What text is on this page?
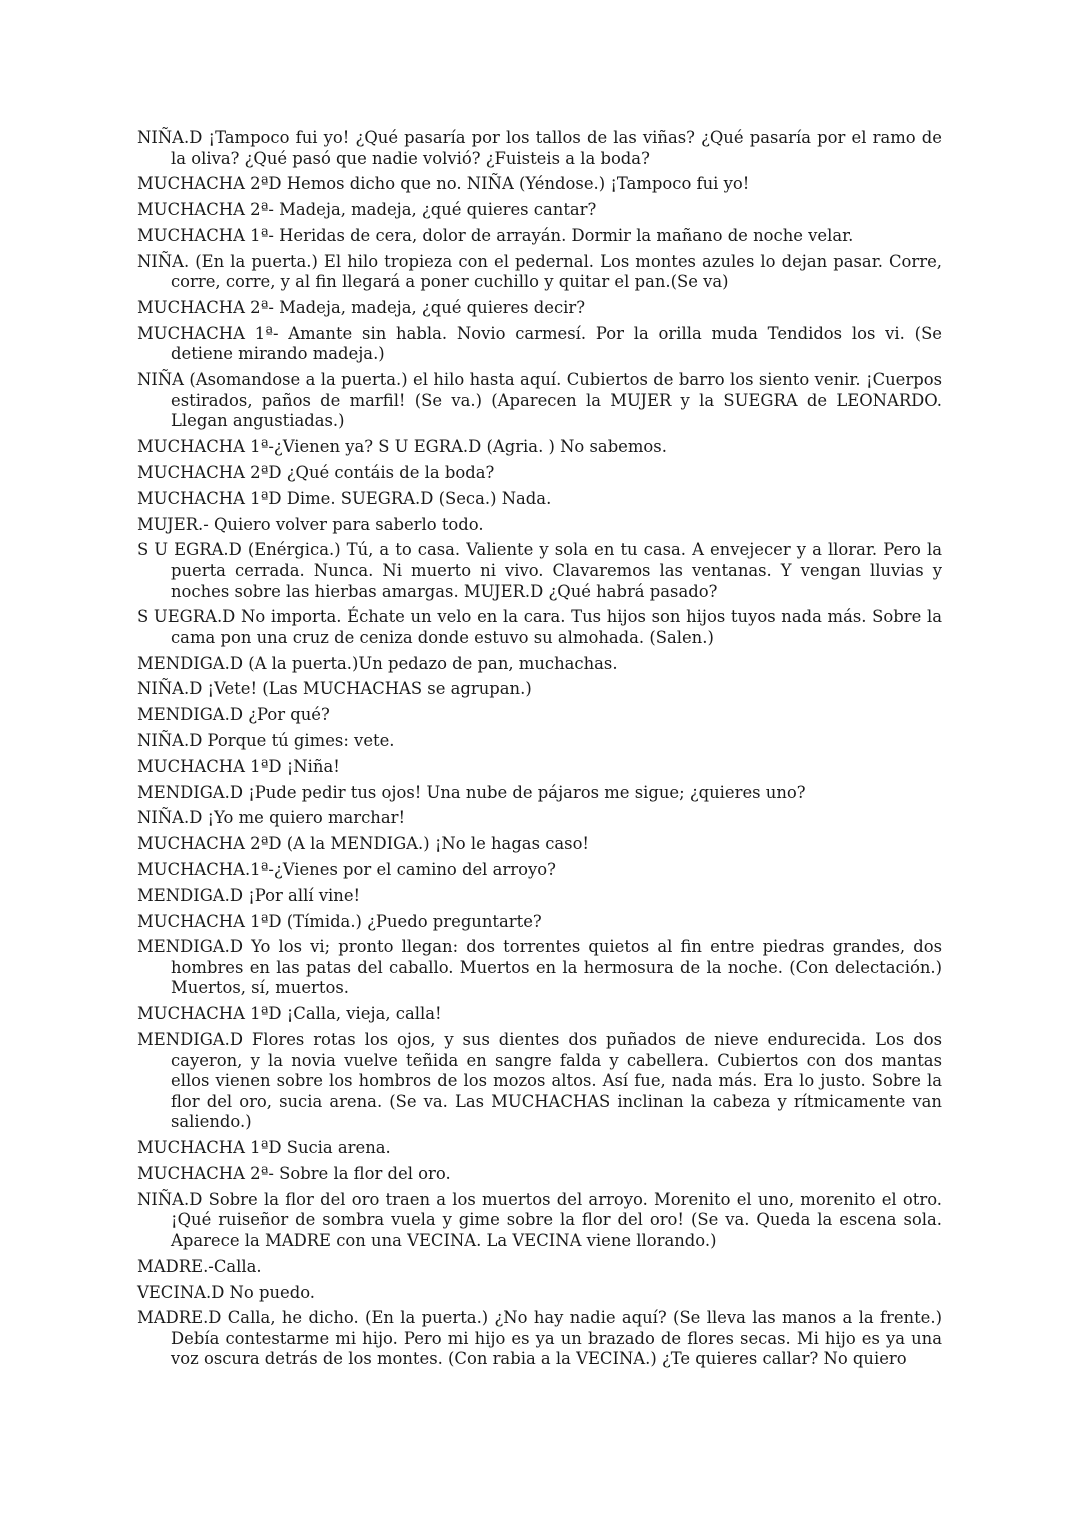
NIÑA.D ¡Tampoco fui yo! ¿Qué pasaría por los tallos de las viñas? ¿Qué pasaría por el ramo de la oliva? ¿Qué pasó que nadie volvió? ¿Fuisteis a la boda?

MUCHACHA 2ªD Hemos dicho que no. NIÑA (Yéndose.) ¡Tampoco fui yo!

MUCHACHA 2ª- Madeja, madeja, ¿qué quieres cantar?

MUCHACHA 1ª- Heridas de cera, dolor de arrayán. Dormir la mañano de noche velar.

NIÑA. (En la puerta.) El hilo tropieza con el pedernal. Los montes azules lo dejan pasar. Corre, corre, corre, y al fin llegará a poner cuchillo y quitar el pan.(Se va)

MUCHACHA 2ª- Madeja, madeja, ¿qué quieres decir?

MUCHACHA 1ª- Amante sin habla. Novio carmesí. Por la orilla muda Tendidos los vi. (Se detiene mirando madeja.)

NIÑA (Asomandose a la puerta.) el hilo hasta aquí. Cubiertos de barro los siento venir. ¡Cuerpos estirados, paños de marfil! (Se va.) (Aparecen la MUJER y la SUEGRA de LEONARDO. Llegan angustiadas.)

MUCHACHA 1ª-¿Vienen ya? S U EGRA.D (Agria. ) No sabemos.

MUCHACHA 2ªD ¿Qué contáis de la boda?

MUCHACHA 1ªD Dime. SUEGRA.D (Seca.) Nada.

MUJER.- Quiero volver para saberlo todo.

S U EGRA.D (Enérgica.) Tú, a to casa. Valiente y sola en tu casa. A envejecer y a llorar. Pero la puerta cerrada. Nunca. Ni muerto ni vivo. Clavaremos las ventanas. Y vengan lluvias y noches sobre las hierbas amargas. MUJER.D ¿Qué habrá pasado?

S UEGRA.D No importa. Échate un velo en la cara. Tus hijos son hijos tuyos nada más. Sobre la cama pon una cruz de ceniza donde estuvo su almohada. (Salen.)

MENDIGA.D (A la puerta.)Un pedazo de pan, muchachas.

NIÑA.D ¡Vete! (Las MUCHACHAS se agrupan.)

MENDIGA.D ¿Por qué?

NIÑA.D Porque tú gimes: vete.

MUCHACHA 1ªD ¡Niña!

MENDIGA.D ¡Pude pedir tus ojos! Una nube de pájaros me sigue; ¿quieres uno?

NIÑA.D ¡Yo me quiero marchar!

MUCHACHA 2ªD (A la MENDIGA.) ¡No le hagas caso!

MUCHACHA.1ª-¿Vienes por el camino del arroyo?

MENDIGA.D ¡Por allí vine!

MUCHACHA 1ªD (Tímida.) ¿Puedo preguntarte?

MENDIGA.D Yo los vi; pronto llegan: dos torrentes quietos al fin entre piedras grandes, dos hombres en las patas del caballo. Muertos en la hermosura de la noche. (Con delectación.) Muertos, sí, muertos.

MUCHACHA 1ªD ¡Calla, vieja, calla!

MENDIGA.D Flores rotas los ojos, y sus dientes dos puñados de nieve endurecida. Los dos cayeron, y la novia vuelve teñida en sangre falda y cabellera. Cubiertos con dos mantas ellos vienen sobre los hombros de los mozos altos. Así fue, nada más. Era lo justo. Sobre la flor del oro, sucia arena. (Se va. Las MUCHACHAS inclinan la cabeza y rítmicamente van saliendo.)

MUCHACHA 1ªD Sucia arena.

MUCHACHA 2ª- Sobre la flor del oro.

NIÑA.D Sobre la flor del oro traen a los muertos del arroyo. Morenito el uno, morenito el otro. ¡Qué ruiseñor de sombra vuela y gime sobre la flor del oro! (Se va. Queda la escena sola. Aparece la MADRE con una VECINA. La VECINA viene llorando.)

MADRE.-Calla.

VECINA.D No puedo.

MADRE.D Calla, he dicho. (En la puerta.) ¿No hay nadie aquí? (Se lleva las manos a la frente.) Debía contestarme mi hijo. Pero mi hijo es ya un brazado de flores secas. Mi hijo es ya una voz oscura detrás de los montes. (Con rabia a la VECINA.) ¿Te quieres callar? No quiero
